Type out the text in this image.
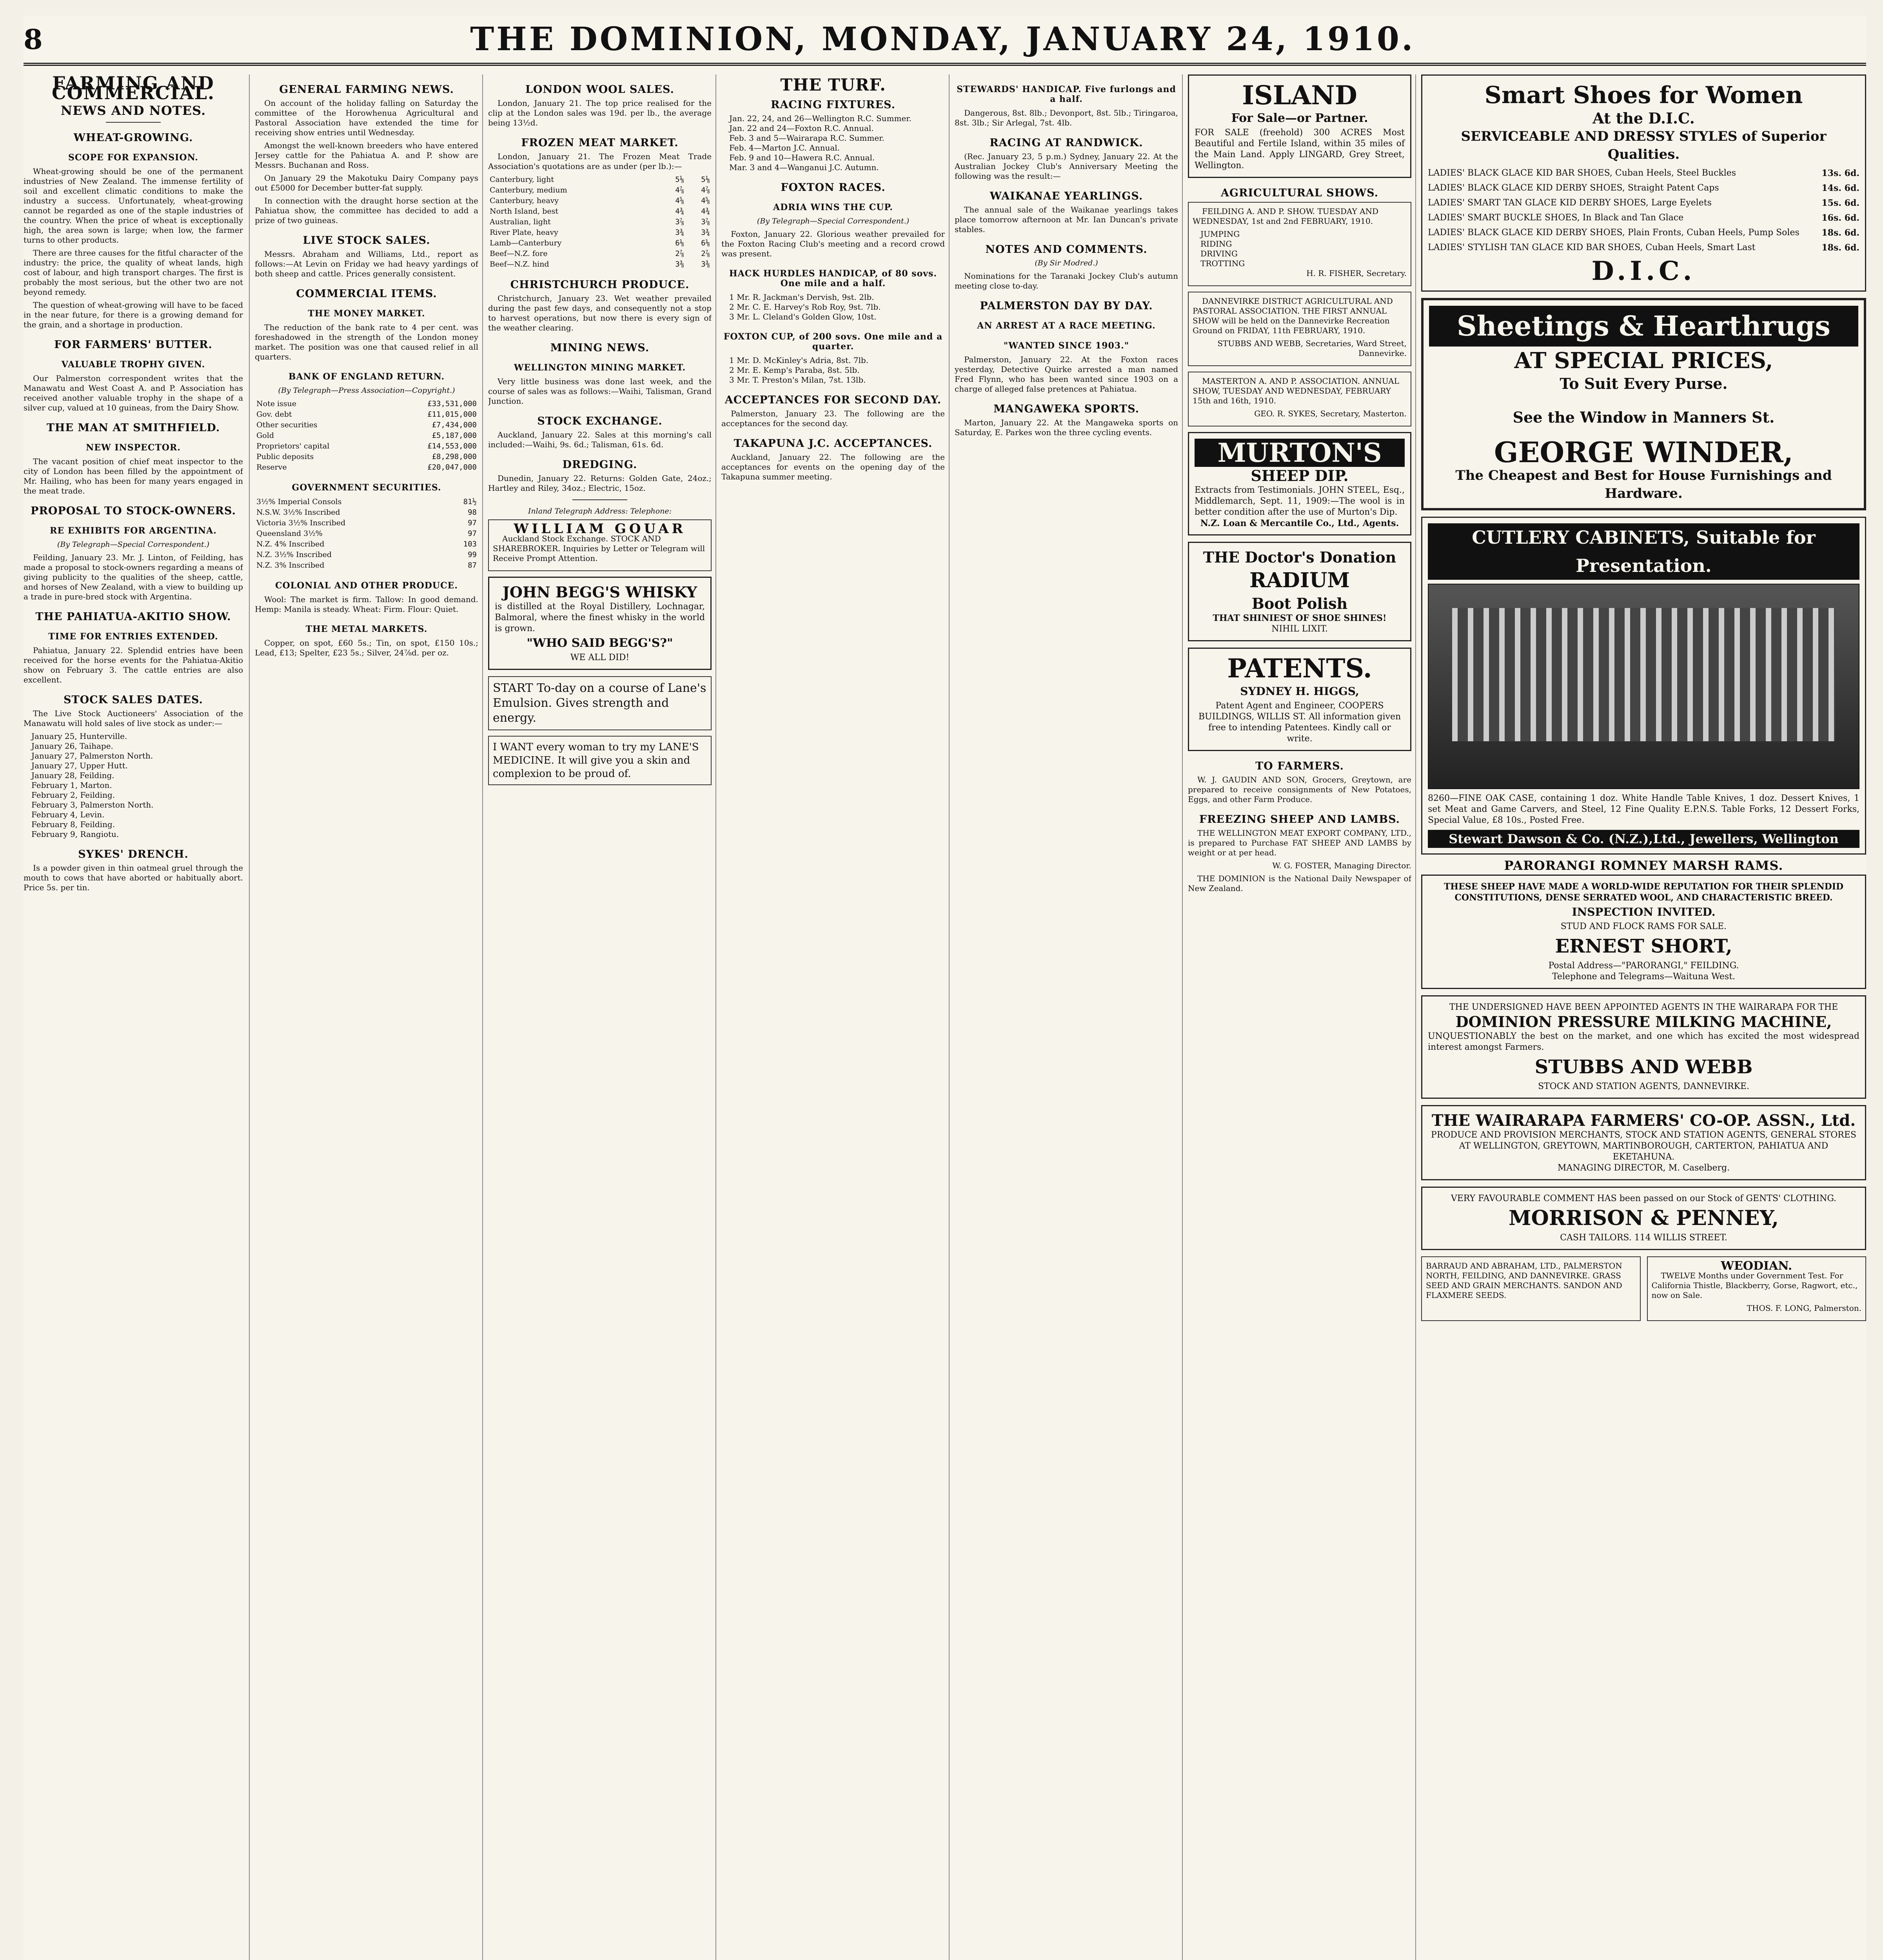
8	THE DOMINION, MONDAY, JANUARY 24, 1910.
FARMING AND COMMERCIAL.
NEWS AND NOTES.
WHEAT-GROWING.
SCOPE FOR EXPANSION.

Wheat-growing should be one of the permanent industries of New Zealand. The immense fertility of soil and excellent climatic conditions to make the industry a success. Unfortunately, wheat-growing cannot be regarded as one of the staple industries of the country. When the price of wheat is exceptionally high, the area sown is large; when low, the farmer turns to other products.

There are three causes for the fitful character of the industry: the price, the quality of wheat lands, high cost of labour, and high transport charges. The first is probably the most serious, but the other two are not beyond remedy.

The question of wheat-growing will have to be faced in the near future, for there is a growing demand for the grain, and a shortage in production.

FOR FARMERS' BUTTER.
VALUABLE TROPHY GIVEN.

Our Palmerston correspondent writes that the Manawatu and West Coast A. and P. Association has received another valuable trophy in the shape of a silver cup, valued at 10 guineas, from the Dairy Show.

THE MAN AT SMITHFIELD.
NEW INSPECTOR.

The vacant position of chief meat inspector to the city of London has been filled by the appointment of Mr. Hailing, who has been for many years engaged in the meat trade.

PROPOSAL TO STOCK-OWNERS.
RE EXHIBITS FOR ARGENTINA.
(By Telegraph—Special Correspondent.)

Feilding, January 23. Mr. J. Linton, of Feilding, has made a proposal to stock-owners regarding a means of giving publicity to the qualities of the sheep, cattle, and horses of New Zealand, with a view to building up a trade in pure-bred stock with Argentina.

THE PAHIATUA-AKITIO SHOW.
TIME FOR ENTRIES EXTENDED.

Pahiatua, January 22. Splendid entries have been received for the horse events for the Pahiatua-Akitio show on February 3. The cattle entries are also excellent.

STOCK SALES DATES.

The Live Stock Auctioneers' Association of the Manawatu will hold sales of live stock as under:—

January 25, Hunterville.

January 26, Taihape.

January 27, Palmerston North.

January 27, Upper Hutt.

January 28, Feilding.

February 1, Marton.

February 2, Feilding.

February 3, Palmerston North.

February 4, Levin.

February 8, Feilding.

February 9, Rangiotu.

SYKES' DRENCH.

Is a powder given in thin oatmeal gruel through the mouth to cows that have aborted or habitually abort. Price 5s. per tin.

GENERAL FARMING NEWS.

On account of the holiday falling on Saturday the committee of the Horowhenua Agricultural and Pastoral Association have extended the time for receiving show entries until Wednesday.

Amongst the well-known breeders who have entered Jersey cattle for the Pahiatua A. and P. show are Messrs. Buchanan and Ross.

On January 29 the Makotuku Dairy Company pays out £5000 for December butter-fat supply.

In connection with the draught horse section at the Pahiatua show, the committee has decided to add a prize of two guineas.

LIVE STOCK SALES.

Messrs. Abraham and Williams, Ltd., report as follows:—At Levin on Friday we had heavy yardings of both sheep and cattle. Prices generally consistent.

COMMERCIAL ITEMS.
THE MONEY MARKET.

The reduction of the bank rate to 4 per cent. was foreshadowed in the strength of the London money market. The position was one that caused relief in all quarters.

BANK OF ENGLAND RETURN.
(By Telegraph—Press Association—Copyright.)
Note issue	£33,531,000
Gov. debt	£11,015,000
Other securities	£7,434,000
Gold	£5,187,000
Proprietors' capital	£14,553,000
Public deposits	£8,298,000
Reserve	£20,047,000
GOVERNMENT SECURITIES.
3½% Imperial Consols	81½
N.S.W. 3½% Inscribed	98
Victoria 3½% Inscribed	97
Queensland 3½%	97
N.Z. 4% Inscribed	103
N.Z. 3½% Inscribed	99
N.Z. 3% Inscribed	87
COLONIAL AND OTHER PRODUCE.

Wool: The market is firm. Tallow: In good demand. Hemp: Manila is steady. Wheat: Firm. Flour: Quiet.

THE METAL MARKETS.

Copper, on spot, £60 5s.; Tin, on spot, £150 10s.; Lead, £13; Spelter, £23 5s.; Silver, 24⅞d. per oz.

LONDON WOOL SALES.

London, January 21. The top price realised for the clip at the London sales was 19d. per lb., the average being 13½d.

FROZEN MEAT MARKET.

London, January 21. The Frozen Meat Trade Association's quotations are as under (per lb.):—

Canterbury, light	5⅛	5⅛
Canterbury, medium	4⅞	4⅞
Canterbury, heavy	4⅝	4⅝
North Island, best	4¾	4¾
Australian, light	3⅞	3⅞
River Plate, heavy	3¾	3¾
Lamb—Canterbury	6⅛	6⅛
Beef—N.Z. fore	2⅞	2⅞
Beef—N.Z. hind	3⅜	3⅜
CHRISTCHURCH PRODUCE.

Christchurch, January 23. Wet weather prevailed during the past few days, and consequently not a stop to harvest operations, but now there is every sign of the weather clearing.

MINING NEWS.
WELLINGTON MINING MARKET.

Very little business was done last week, and the course of sales was as follows:—Waihi, Talisman, Grand Junction.

STOCK EXCHANGE.

Auckland, January 22. Sales at this morning's call included:—Waihi, 9s. 6d.; Talisman, 61s. 6d.

DREDGING.

Dunedin, January 22. Returns: Golden Gate, 24oz.; Hartley and Riley, 34oz.; Electric, 15oz.

Inland Telegraph Address: Telephone:
WILLIAM GOUAR

Auckland Stock Exchange. STOCK AND SHAREBROKER. Inquiries by Letter or Telegram will Receive Prompt Attention.

JOHN BEGG'S WHISKY
is distilled at the Royal Distillery, Lochnagar, Balmoral, where the finest whisky in the world is grown.
"WHO SAID BEGG'S?"
WE ALL DID!
START To-day on a course of Lane's Emulsion. Gives strength and energy.
I WANT every woman to try my LANE'S MEDICINE. It will give you a skin and complexion to be proud of.
THE TURF.
RACING FIXTURES.

Jan. 22, 24, and 26—Wellington R.C. Summer.

Jan. 22 and 24—Foxton R.C. Annual.

Feb. 3 and 5—Wairarapa R.C. Summer.

Feb. 4—Marton J.C. Annual.

Feb. 9 and 10—Hawera R.C. Annual.

Mar. 3 and 4—Wanganui J.C. Autumn.

FOXTON RACES.
ADRIA WINS THE CUP.
(By Telegraph—Special Correspondent.)

Foxton, January 22. Glorious weather prevailed for the Foxton Racing Club's meeting and a record crowd was present.

HACK HURDLES HANDICAP, of 80 sovs. One mile and a half.

1 Mr. R. Jackman's Dervish, 9st. 2lb.

2 Mr. C. E. Harvey's Rob Roy, 9st. 7lb.

3 Mr. L. Cleland's Golden Glow, 10st.

FOXTON CUP, of 200 sovs. One mile and a quarter.

1 Mr. D. McKinley's Adria, 8st. 7lb.

2 Mr. E. Kemp's Paraba, 8st. 5lb.

3 Mr. T. Preston's Milan, 7st. 13lb.

ACCEPTANCES FOR SECOND DAY.

Palmerston, January 23. The following are the acceptances for the second day.

TAKAPUNA J.C. ACCEPTANCES.

Auckland, January 22. The following are the acceptances for events on the opening day of the Takapuna summer meeting.

STEWARDS' HANDICAP. Five furlongs and a half.

Dangerous, 8st. 8lb.; Devonport, 8st. 5lb.; Tiringaroa, 8st. 3lb.; Sir Arlegal, 7st. 4lb.

RACING AT RANDWICK.

(Rec. January 23, 5 p.m.) Sydney, January 22. At the Australian Jockey Club's Anniversary Meeting the following was the result:—

WAIKANAE YEARLINGS.

The annual sale of the Waikanae yearlings takes place tomorrow afternoon at Mr. Ian Duncan's private stables.

NOTES AND COMMENTS.
(By Sir Modred.)

Nominations for the Taranaki Jockey Club's autumn meeting close to-day.

PALMERSTON DAY BY DAY.
AN ARREST AT A RACE MEETING.
"WANTED SINCE 1903."

Palmerston, January 22. At the Foxton races yesterday, Detective Quirke arrested a man named Fred Flynn, who has been wanted since 1903 on a charge of alleged false pretences at Pahiatua.

MANGAWEKA SPORTS.

Marton, January 22. At the Mangaweka sports on Saturday, E. Parkes won the three cycling events.

ISLAND
For Sale—or Partner.
FOR SALE (freehold) 300 ACRES Most Beautiful and Fertile Island, within 35 miles of the Main Land. Apply LINGARD, Grey Street, Wellington.
AGRICULTURAL SHOWS.

FEILDING A. AND P. SHOW. TUESDAY AND WEDNESDAY, 1st and 2nd FEBRUARY, 1910.

JUMPING

RIDING

DRIVING

TROTTING

H. R. FISHER, Secretary.

DANNEVIRKE DISTRICT AGRICULTURAL AND PASTORAL ASSOCIATION. THE FIRST ANNUAL SHOW will be held on the Dannevirke Recreation Ground on FRIDAY, 11th FEBRUARY, 1910.

STUBBS AND WEBB, Secretaries, Ward Street, Dannevirke.

MASTERTON A. AND P. ASSOCIATION. ANNUAL SHOW, TUESDAY AND WEDNESDAY, FEBRUARY 15th and 16th, 1910.

GEO. R. SYKES, Secretary, Masterton.

MURTON'S
SHEEP DIP.
Extracts from Testimonials. JOHN STEEL, Esq., Middlemarch, Sept. 11, 1909:—The wool is in better condition after the use of Murton's Dip.
N.Z. Loan & Mercantile Co., Ltd., Agents.
THE Doctor's Donation
RADIUM
Boot Polish
THAT SHINIEST OF SHOE SHINES!
NIHIL LIXIT.
PATENTS.
SYDNEY H. HIGGS,
Patent Agent and Engineer, COOPERS BUILDINGS, WILLIS ST. All information given free to intending Patentees. Kindly call or write.
TO FARMERS.

W. J. GAUDIN AND SON, Grocers, Greytown, are prepared to receive consignments of New Potatoes, Eggs, and other Farm Produce.

FREEZING SHEEP AND LAMBS.

THE WELLINGTON MEAT EXPORT COMPANY, LTD., is prepared to Purchase FAT SHEEP AND LAMBS by weight or at per head.

W. G. FOSTER, Managing Director.

THE DOMINION is the National Daily Newspaper of New Zealand.

Smart Shoes for Women
At the D.I.C.
SERVICEABLE AND DRESSY STYLES of Superior Qualities.
LADIES' BLACK GLACE KID BAR SHOES, Cuban Heels, Steel Buckles	13s. 6d.
LADIES' BLACK GLACE KID DERBY SHOES, Straight Patent Caps	14s. 6d.
LADIES' SMART TAN GLACE KID DERBY SHOES, Large Eyelets	15s. 6d.
LADIES' SMART BUCKLE SHOES, In Black and Tan Glace	16s. 6d.
LADIES' BLACK GLACE KID DERBY SHOES, Plain Fronts, Cuban Heels, Pump Soles	18s. 6d.
LADIES' STYLISH TAN GLACE KID BAR SHOES, Cuban Heels, Smart Last	18s. 6d.
D.I.C.
Sheetings & Hearthrugs
AT SPECIAL PRICES,
To Suit Every Purse.
See the Window in Manners St.
GEORGE WINDER,
The Cheapest and Best for House Furnishings and Hardware.
CUTLERY CABINETS, Suitable for Presentation.
8260—FINE OAK CASE, containing 1 doz. White Handle Table Knives, 1 doz. Dessert Knives, 1 set Meat and Game Carvers, and Steel, 12 Fine Quality E.P.N.S. Table Forks, 12 Dessert Forks, Special Value, £8 10s., Posted Free.
Stewart Dawson & Co. (N.Z.),Ltd., Jewellers, Wellington
PARORANGI ROMNEY MARSH RAMS.
THESE SHEEP HAVE MADE A WORLD-WIDE REPUTATION FOR THEIR SPLENDID CONSTITUTIONS, DENSE SERRATED WOOL, AND CHARACTERISTIC BREED.
INSPECTION INVITED.
STUD AND FLOCK RAMS FOR SALE.
ERNEST SHORT,
Postal Address—"PARORANGI," FEILDING.
Telephone and Telegrams—Waituna West.
THE UNDERSIGNED HAVE BEEN APPOINTED AGENTS IN THE WAIRARAPA FOR THE
DOMINION PRESSURE MILKING MACHINE,
UNQUESTIONABLY the best on the market, and one which has excited the most widespread interest amongst Farmers.
STUBBS AND WEBB
STOCK AND STATION AGENTS, DANNEVIRKE.
THE WAIRARAPA FARMERS' CO-OP. ASSN., Ltd.
PRODUCE AND PROVISION MERCHANTS, STOCK AND STATION AGENTS, GENERAL STORES AT WELLINGTON, GREYTOWN, MARTINBOROUGH, CARTERTON, PAHIATUA AND EKETAHUNA.
MANAGING DIRECTOR, M. Caselberg.
VERY FAVOURABLE COMMENT HAS been passed on our Stock of GENTS' CLOTHING.
MORRISON & PENNEY,
CASH TAILORS. 114 WILLIS STREET.
BARRAUD AND ABRAHAM, LTD., PALMERSTON NORTH, FEILDING, AND DANNEVIRKE. GRASS SEED AND GRAIN MERCHANTS. SANDON AND FLAXMERE SEEDS.
WEODIAN.

TWELVE Months under Government Test. For California Thistle, Blackberry, Gorse, Ragwort, etc., now on Sale.

THOS. F. LONG, Palmerston.
